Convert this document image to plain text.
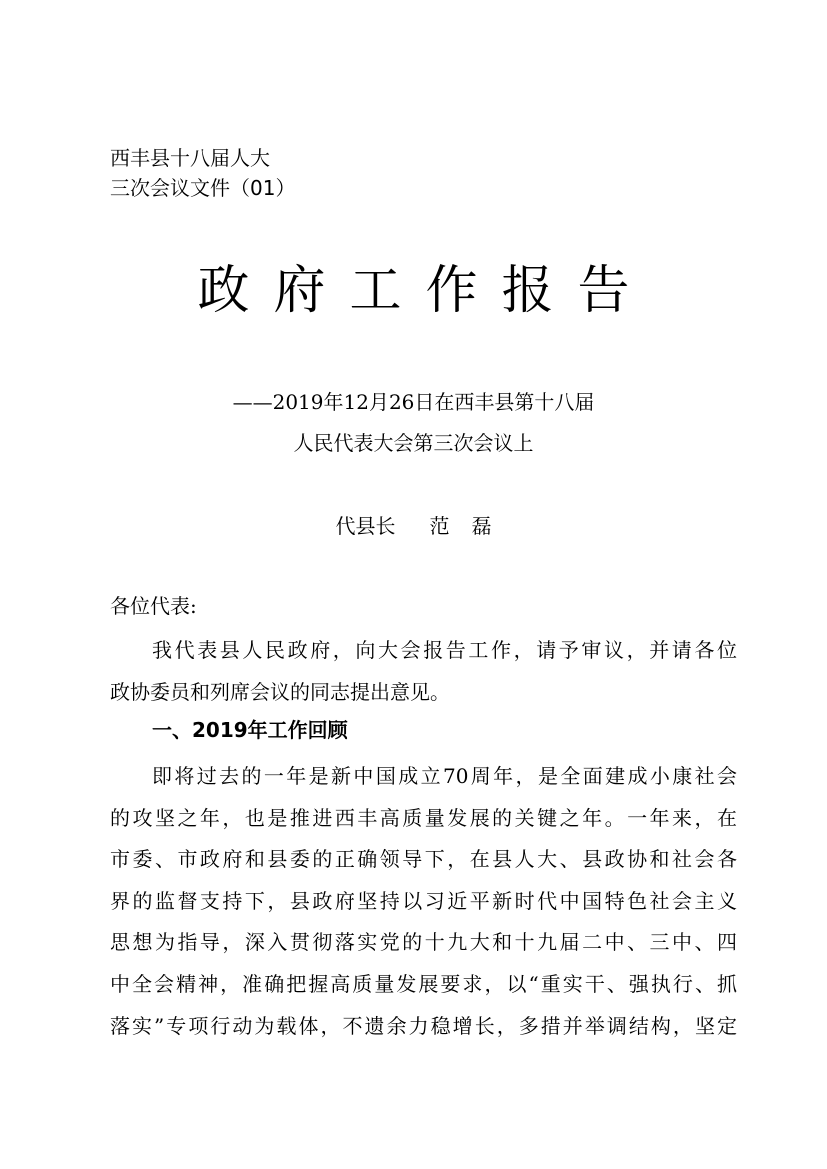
西丰县十八届人大
三次会议文件（01）
政府工作报告
——2019年12月26日在西丰县第十八届
人民代表大会第三次会议上
代县长 范 磊
各位代表:
我代表县人民政府，向大会报告工作，请予审议，并请各位
政协委员和列席会议的同志提出意见。
一、2019年工作回顾
即将过去的一年是新中国成立70周年，是全面建成小康社会
的攻坚之年，也是推进西丰高质量发展的关键之年。一年来，在
市委、市政府和县委的正确领导下，在县人大、县政协和社会各
界的监督支持下，县政府坚持以习近平新时代中国特色社会主义
思想为指导，深入贯彻落实党的十九大和十九届二中、三中、四
中全会精神，准确把握高质量发展要求，以“重实干、强执行、抓
落实”专项行动为载体，不遗余力稳增长，多措并举调结构，坚定
